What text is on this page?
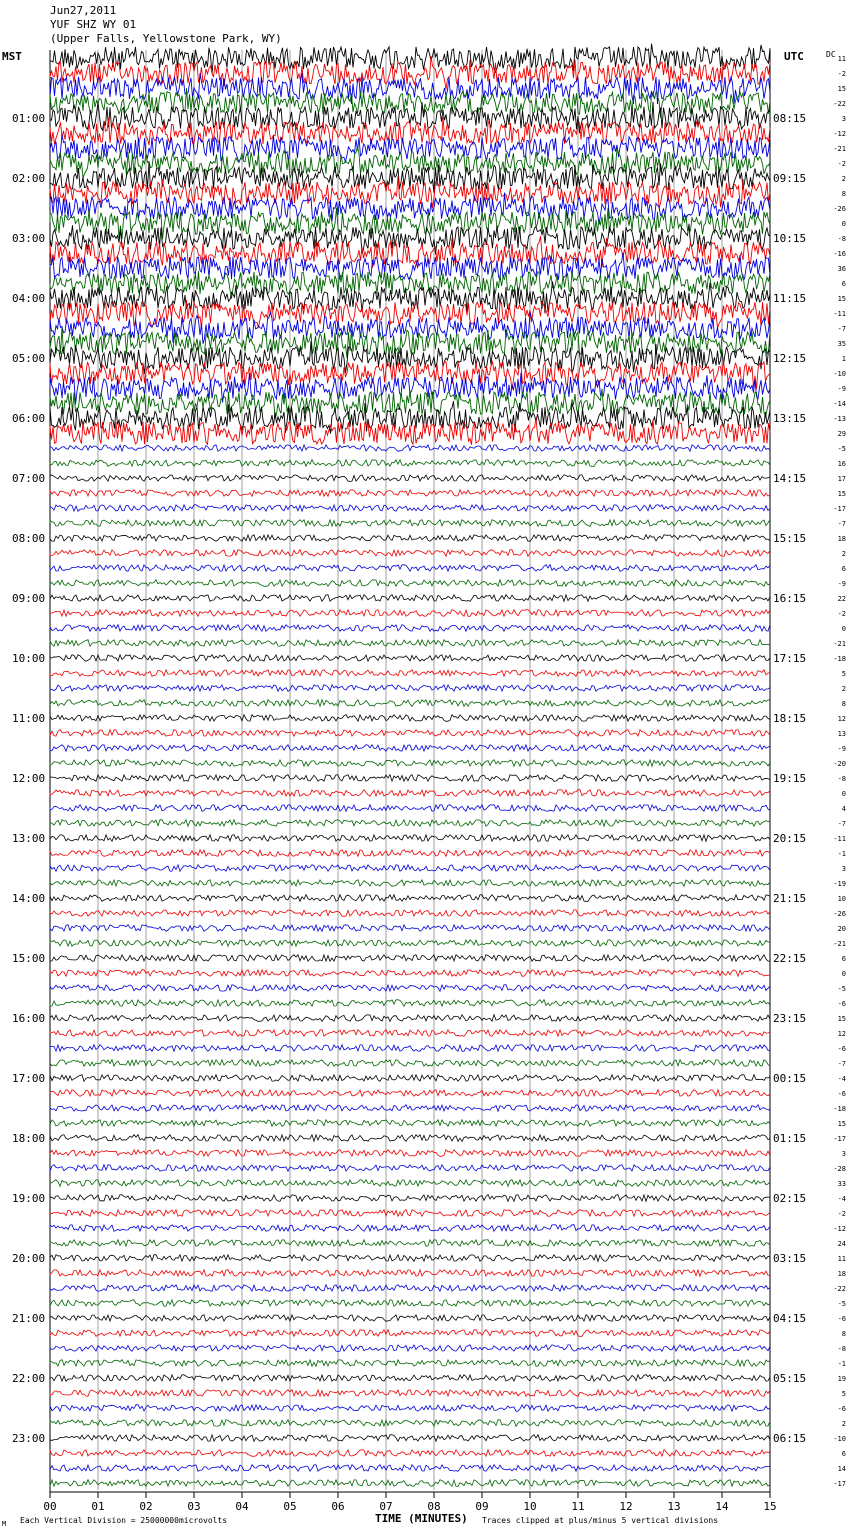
Jun27,2011
YUF SHZ WY 01
(Upper Falls, Yellowstone Park, WY)
MST	UTC	DC
01:00
02:00
03:00
04:00
05:00
06:00
07:00
08:00
09:00
10:00
11:00
12:00
13:00
14:00
15:00
16:00
17:00
18:00
19:00
20:00
21:00
22:00
23:00
08:15
09:15
10:15
11:15
12:15
13:15
14:15
15:15
16:15
17:15
18:15
19:15
20:15
21:15
22:15
23:15
00:15
01:15
02:15
03:15
04:15
05:15
06:15
11
-2
15
-22
3
-12
-21
-2
2
8
-26
0
-8
-16
36
6
15
-11
-7
35
1
-10
-9
-14
-13
29
-5
16
17
15
-17
-7
18
2
6
-9
22
-2
0
-21
-18
5
2
8
12
13
-9
-20
-8
0
4
-7
-11
-1
3
-19
10
-26
20
-21
6
0
-5
-6
15
12
-6
-7
-4
-6
-18
15
-17
3
-28
33
-4
-2
-12
24
11
18
-22
-5
-6
8
-8
-1
19
5
-6
2
-10
6
14
-17
00	01	02	03	04	05	06	07	08	09	10	11	12	13	14	15
M Each Vertical Division = 25000000microvolts	TIME (MINUTES) Traces clipped at plus/minus 5 vertical divisions
